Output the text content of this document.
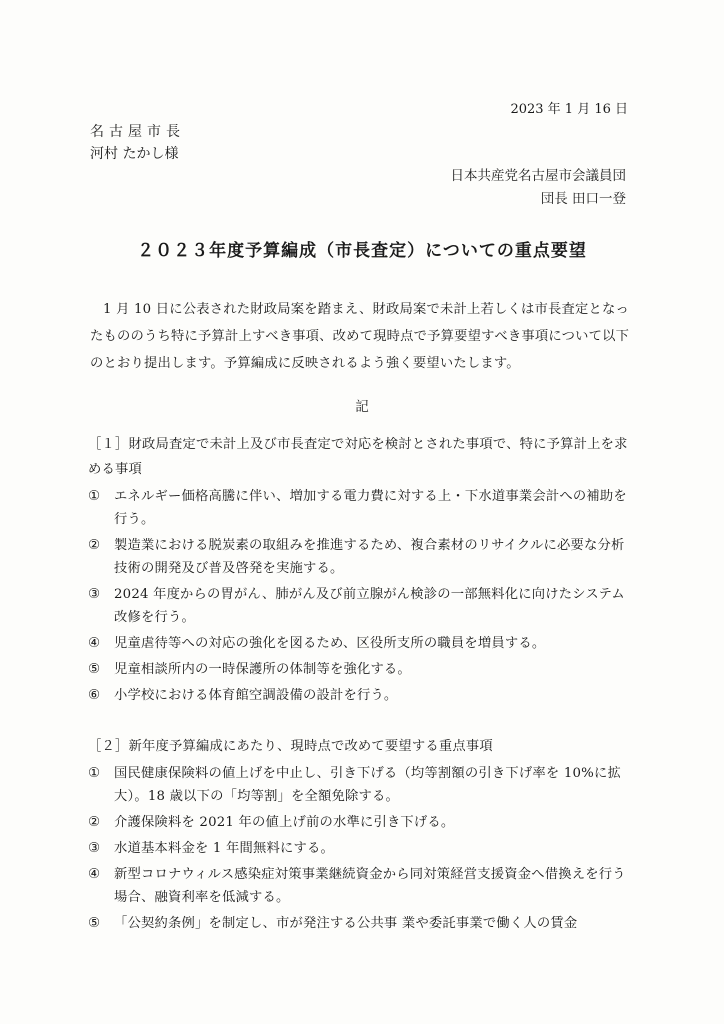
2023 年 1 月 16 日
名古屋市長
河村 たかし様
日本共産党名古屋市会議員団
団長 田口一登
２０２３年度予算編成（市長査定）についての重点要望
1 月 10 日に公表された財政局案を踏まえ、財政局案で未計上若しくは市長査定となったもののうち特に予算計上すべき事項、改めて現時点で予算要望すべき事項について以下のとおり提出します。予算編成に反映されるよう強く要望いたします。
記
［１］財政局査定で未計上及び市長査定で対応を検討とされた事項で、特に予算計上を求める事項
①	エネルギー価格高騰に伴い、増加する電力費に対する上・下水道事業会計への補助を行う。
②	製造業における脱炭素の取組みを推進するため、複合素材のリサイクルに必要な分析技術の開発及び普及啓発を実施する。
③	2024 年度からの胃がん、肺がん及び前立腺がん検診の一部無料化に向けたシステム改修を行う。
④	児童虐待等への対応の強化を図るため、区役所支所の職員を増員する。
⑤	児童相談所内の一時保護所の体制等を強化する。
⑥	小学校における体育館空調設備の設計を行う。
［２］新年度予算編成にあたり、現時点で改めて要望する重点事項
①	国民健康保険料の値上げを中止し、引き下げる（均等割額の引き下げ率を 10%に拡大）。18 歳以下の「均等割」を全額免除する。
②	介護保険料を 2021 年の値上げ前の水準に引き下げる。
③	水道基本料金を 1 年間無料にする。
④	新型コロナウィルス感染症対策事業継続資金から同対策経営支援資金へ借換えを行う場合、融資利率を低減する。
⑤	「公契約条例」を制定し、市が発注する公共事 業や委託事業で働く人の賃金
